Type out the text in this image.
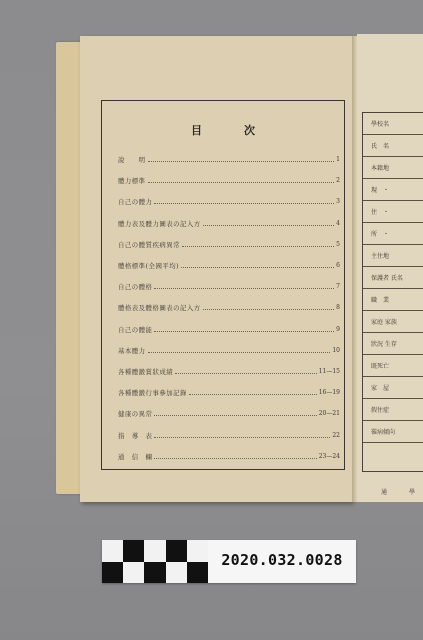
目	次
說　　明	1
體力標準	2
自己の體力	3
體力表及體力圖表の記入方	4
自己の體質疾病異常	5
體格標準(全國平均)	6
自己の體格	7
體格表及體格圖表の記入方	8
自己の體能	9
基本體力	10
各種體鍛賞狀成績	11—15
各種體鍛行事參加記錄	16—19
健康の異常	20—21
指　導　表	22
通　信　欄	23—24
學校名
氏　名
本籍地
現　・
住　・
所　・
主住地
保護者 氏名
職　業
家庭 家族
狀況 生存
既死亡
家　屋
假住症
罹病傾向
通　學
2020.032.0028
